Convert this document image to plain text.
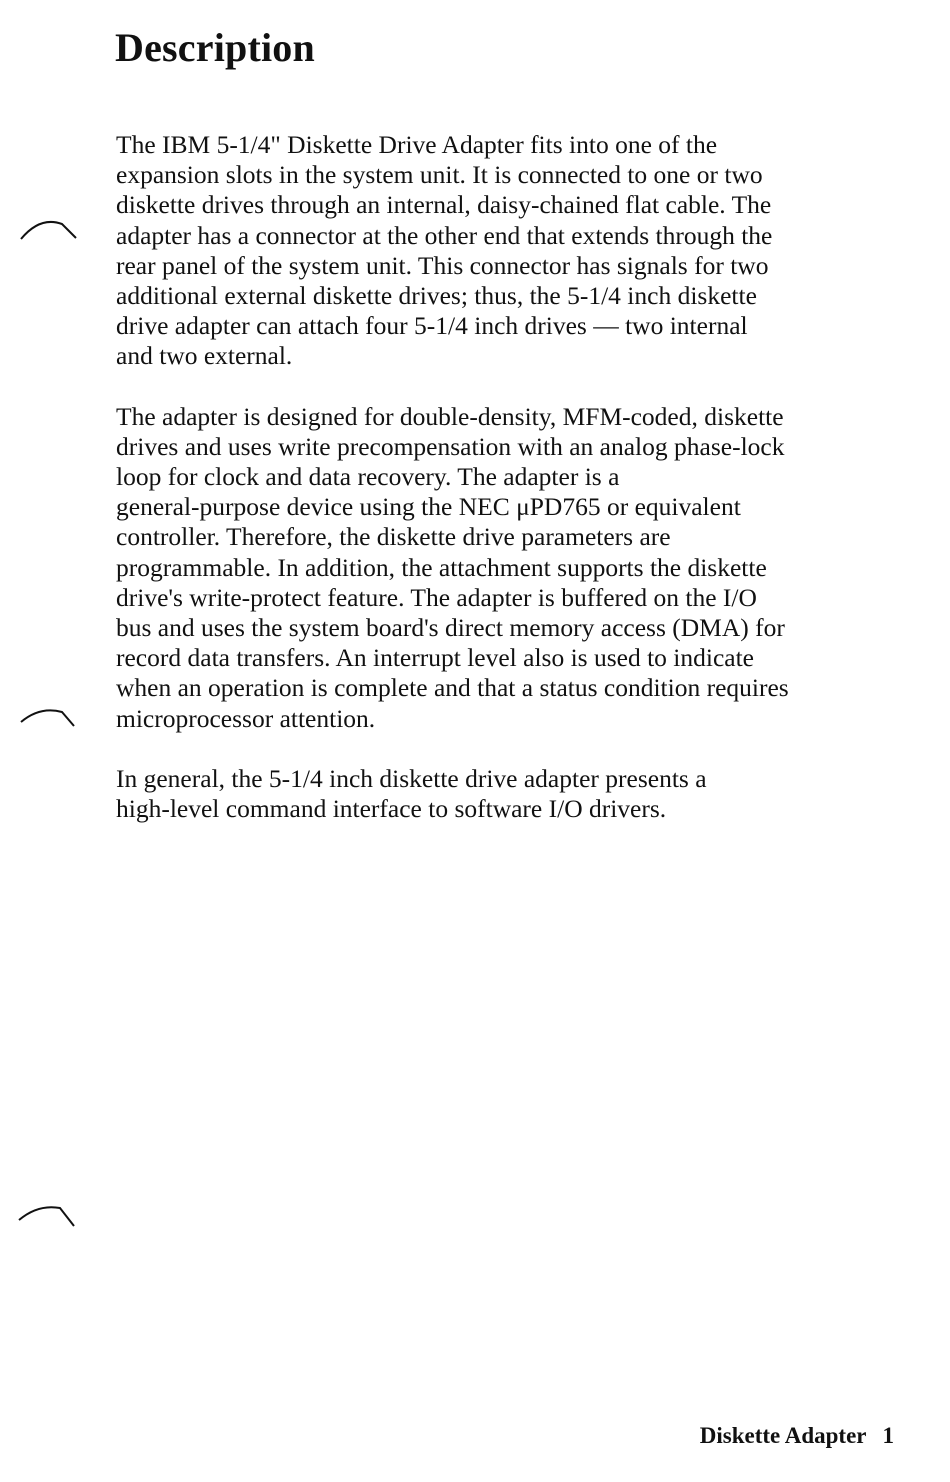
Description

The IBM 5-1/4" Diskette Drive Adapter fits into one of the
expansion slots in the system unit. It is connected to one or two
diskette drives through an internal, daisy-chained flat cable. The
adapter has a connector at the other end that extends through the
rear panel of the system unit. This connector has signals for two
additional external diskette drives; thus, the 5-1/4 inch diskette
drive adapter can attach four 5-1/4 inch drives — two internal
and two external.

The adapter is designed for double-density, MFM-coded, diskette
drives and uses write precompensation with an analog phase-lock
loop for clock and data recovery. The adapter is a
general-purpose device using the NEC μPD765 or equivalent
controller. Therefore, the diskette drive parameters are
programmable. In addition, the attachment supports the diskette
drive's write-protect feature. The adapter is buffered on the I/O
bus and uses the system board's direct memory access (DMA) for
record data transfers. An interrupt level also is used to indicate
when an operation is complete and that a status condition requires
microprocessor attention.

In general, the 5-1/4 inch diskette drive adapter presents a
high-level command interface to software I/O drivers.

Diskette Adapter 1
